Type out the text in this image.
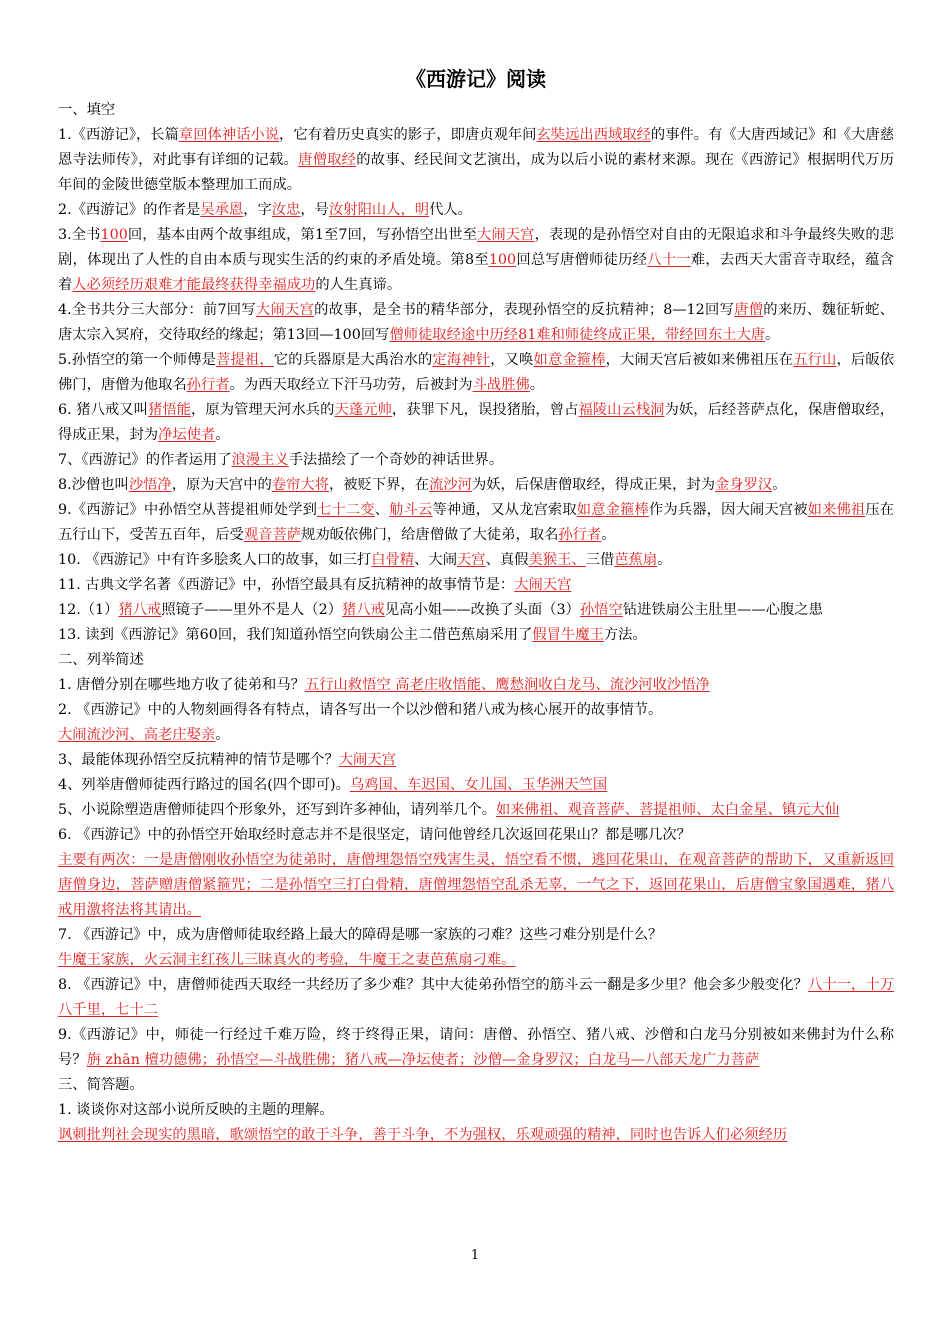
《西游记》阅读
一、填空
1.《西游记》，长篇章回体神话小说，它有着历史真实的影子，即唐贞观年间玄奘远出西域取经的事件。有《大唐西域记》和《大唐慈恩寺法师传》，对此事有详细的记载。唐僧取经的故事、经民间文艺演出，成为以后小说的素材来源。现在《西游记》根据明代万历年间的金陵世德堂版本整理加工而成。
2.《西游记》的作者是吴承恩，字汝忠，号汝射阳山人，明代人。
3.全书100回，基本由两个故事组成，第1至7回，写孙悟空出世至大闹天宫，表现的是孙悟空对自由的无限追求和斗争最终失败的悲剧，体现出了人性的自由本质与现实生活的约束的矛盾处境。第8至100回总写唐僧师徒历经八十一难，去西天大雷音寺取经，蕴含着人必须经历艰难才能最终获得幸福成功的人生真谛。
4.全书共分三大部分：前7回写大闹天宫的故事，是全书的精华部分，表现孙悟空的反抗精神；8—12回写唐僧的来历、魏征斩蛇、唐太宗入冥府，交待取经的缘起；第13回—100回写僧师徒取经途中历经81难和师徒终成正果，带经回东土大唐。
5.孙悟空的第一个师傅是菩提祖，它的兵器原是大禹治水的定海神针，又唤如意金箍棒，大闹天宫后被如来佛祖压在五行山，后皈依佛门，唐僧为他取名孙行者。为西天取经立下汗马功劳，后被封为斗战胜佛。
6. 猪八戒又叫猪悟能，原为管理天河水兵的天蓬元帅，获罪下凡，误投猪胎，曾占福陵山云栈洞为妖，后经菩萨点化，保唐僧取经，得成正果，封为净坛使者。
7、《西游记》的作者运用了浪漫主义手法描绘了一个奇妙的神话世界。
8.沙僧也叫沙悟净，原为天宫中的卷帘大将，被贬下界，在流沙河为妖，后保唐僧取经，得成正果，封为金身罗汉。
9.《西游记》中孙悟空从菩提祖师处学到七十二变、觔斗云等神通，又从龙宫索取如意金箍棒作为兵器，因大闹天宫被如来佛祖压在五行山下，受苦五百年，后受观音菩萨规劝皈依佛门，给唐僧做了大徒弟，取名孙行者。
10. 《西游记》中有许多脍炙人口的故事，如三打白骨精、大闹天宫、真假美猴王、三借芭蕉扇。
11. 古典文学名著《西游记》中，孙悟空最具有反抗精神的故事情节是：大闹天宫
12.（1）猪八戒照镜子——里外不是人（2）猪八戒见高小姐——改换了头面（3）孙悟空钻进铁扇公主肚里——心腹之患
13. 读到《西游记》第60回，我们知道孙悟空向铁扇公主二借芭蕉扇采用了假冒牛魔王方法。
二、列举简述
1. 唐僧分别在哪些地方收了徒弟和马？五行山救悟空 高老庄收悟能、鹰愁涧收白龙马、流沙河收沙悟净
2. 《西游记》中的人物刻画得各有特点，请各写出一个以沙僧和猪八戒为核心展开的故事情节。
大闹流沙河、高老庄娶亲。
3、最能体现孙悟空反抗精神的情节是哪个？大闹天宫
4、列举唐僧师徒西行路过的国名(四个即可)。乌鸡国、车迟国、女儿国、玉华洲天竺国
5、小说除塑造唐僧师徒四个形象外，还写到许多神仙，请列举几个。如来佛祖、观音菩萨、菩提祖师、太白金星、镇元大仙
6. 《西游记》中的孙悟空开始取经时意志并不是很坚定，请问他曾经几次返回花果山？都是哪几次？
主要有两次：一是唐僧刚收孙悟空为徒弟时，唐僧埋怨悟空残害生灵，悟空看不惯，逃回花果山，在观音菩萨的帮助下，又重新返回唐僧身边，菩萨赠唐僧紧箍咒；二是孙悟空三打白骨精，唐僧埋怨悟空乱杀无辜，一气之下，返回花果山，后唐僧宝象国遇难，猪八戒用激将法将其请出。
7. 《西游记》中，成为唐僧师徒取经路上最大的障碍是哪一家族的刁难？这些刁难分别是什么？
牛魔王家族，火云洞主红孩儿三昧真火的考验，牛魔王之妻芭蕉扇刁难。
8. 《西游记》中，唐僧师徒西天取经一共经历了多少难？其中大徒弟孙悟空的筋斗云一翻是多少里？他会多少般变化？八十一，十万八千里，七十二
9.《西游记》中，师徒一行经过千难万险，终于终得正果，请问：唐僧、孙悟空、猪八戒、沙僧和白龙马分别被如来佛封为什么称号？旃 zhān 檀功德佛；孙悟空—斗战胜佛；猪八戒—净坛使者；沙僧—金身罗汉；白龙马—八部天龙广力菩萨
三、简答题。
1. 谈谈你对这部小说所反映的主题的理解。
讽刺批判社会现实的黑暗，歌颂悟空的敢于斗争，善于斗争，不为强权，乐观顽强的精神，同时也告诉人们必须经历
1
